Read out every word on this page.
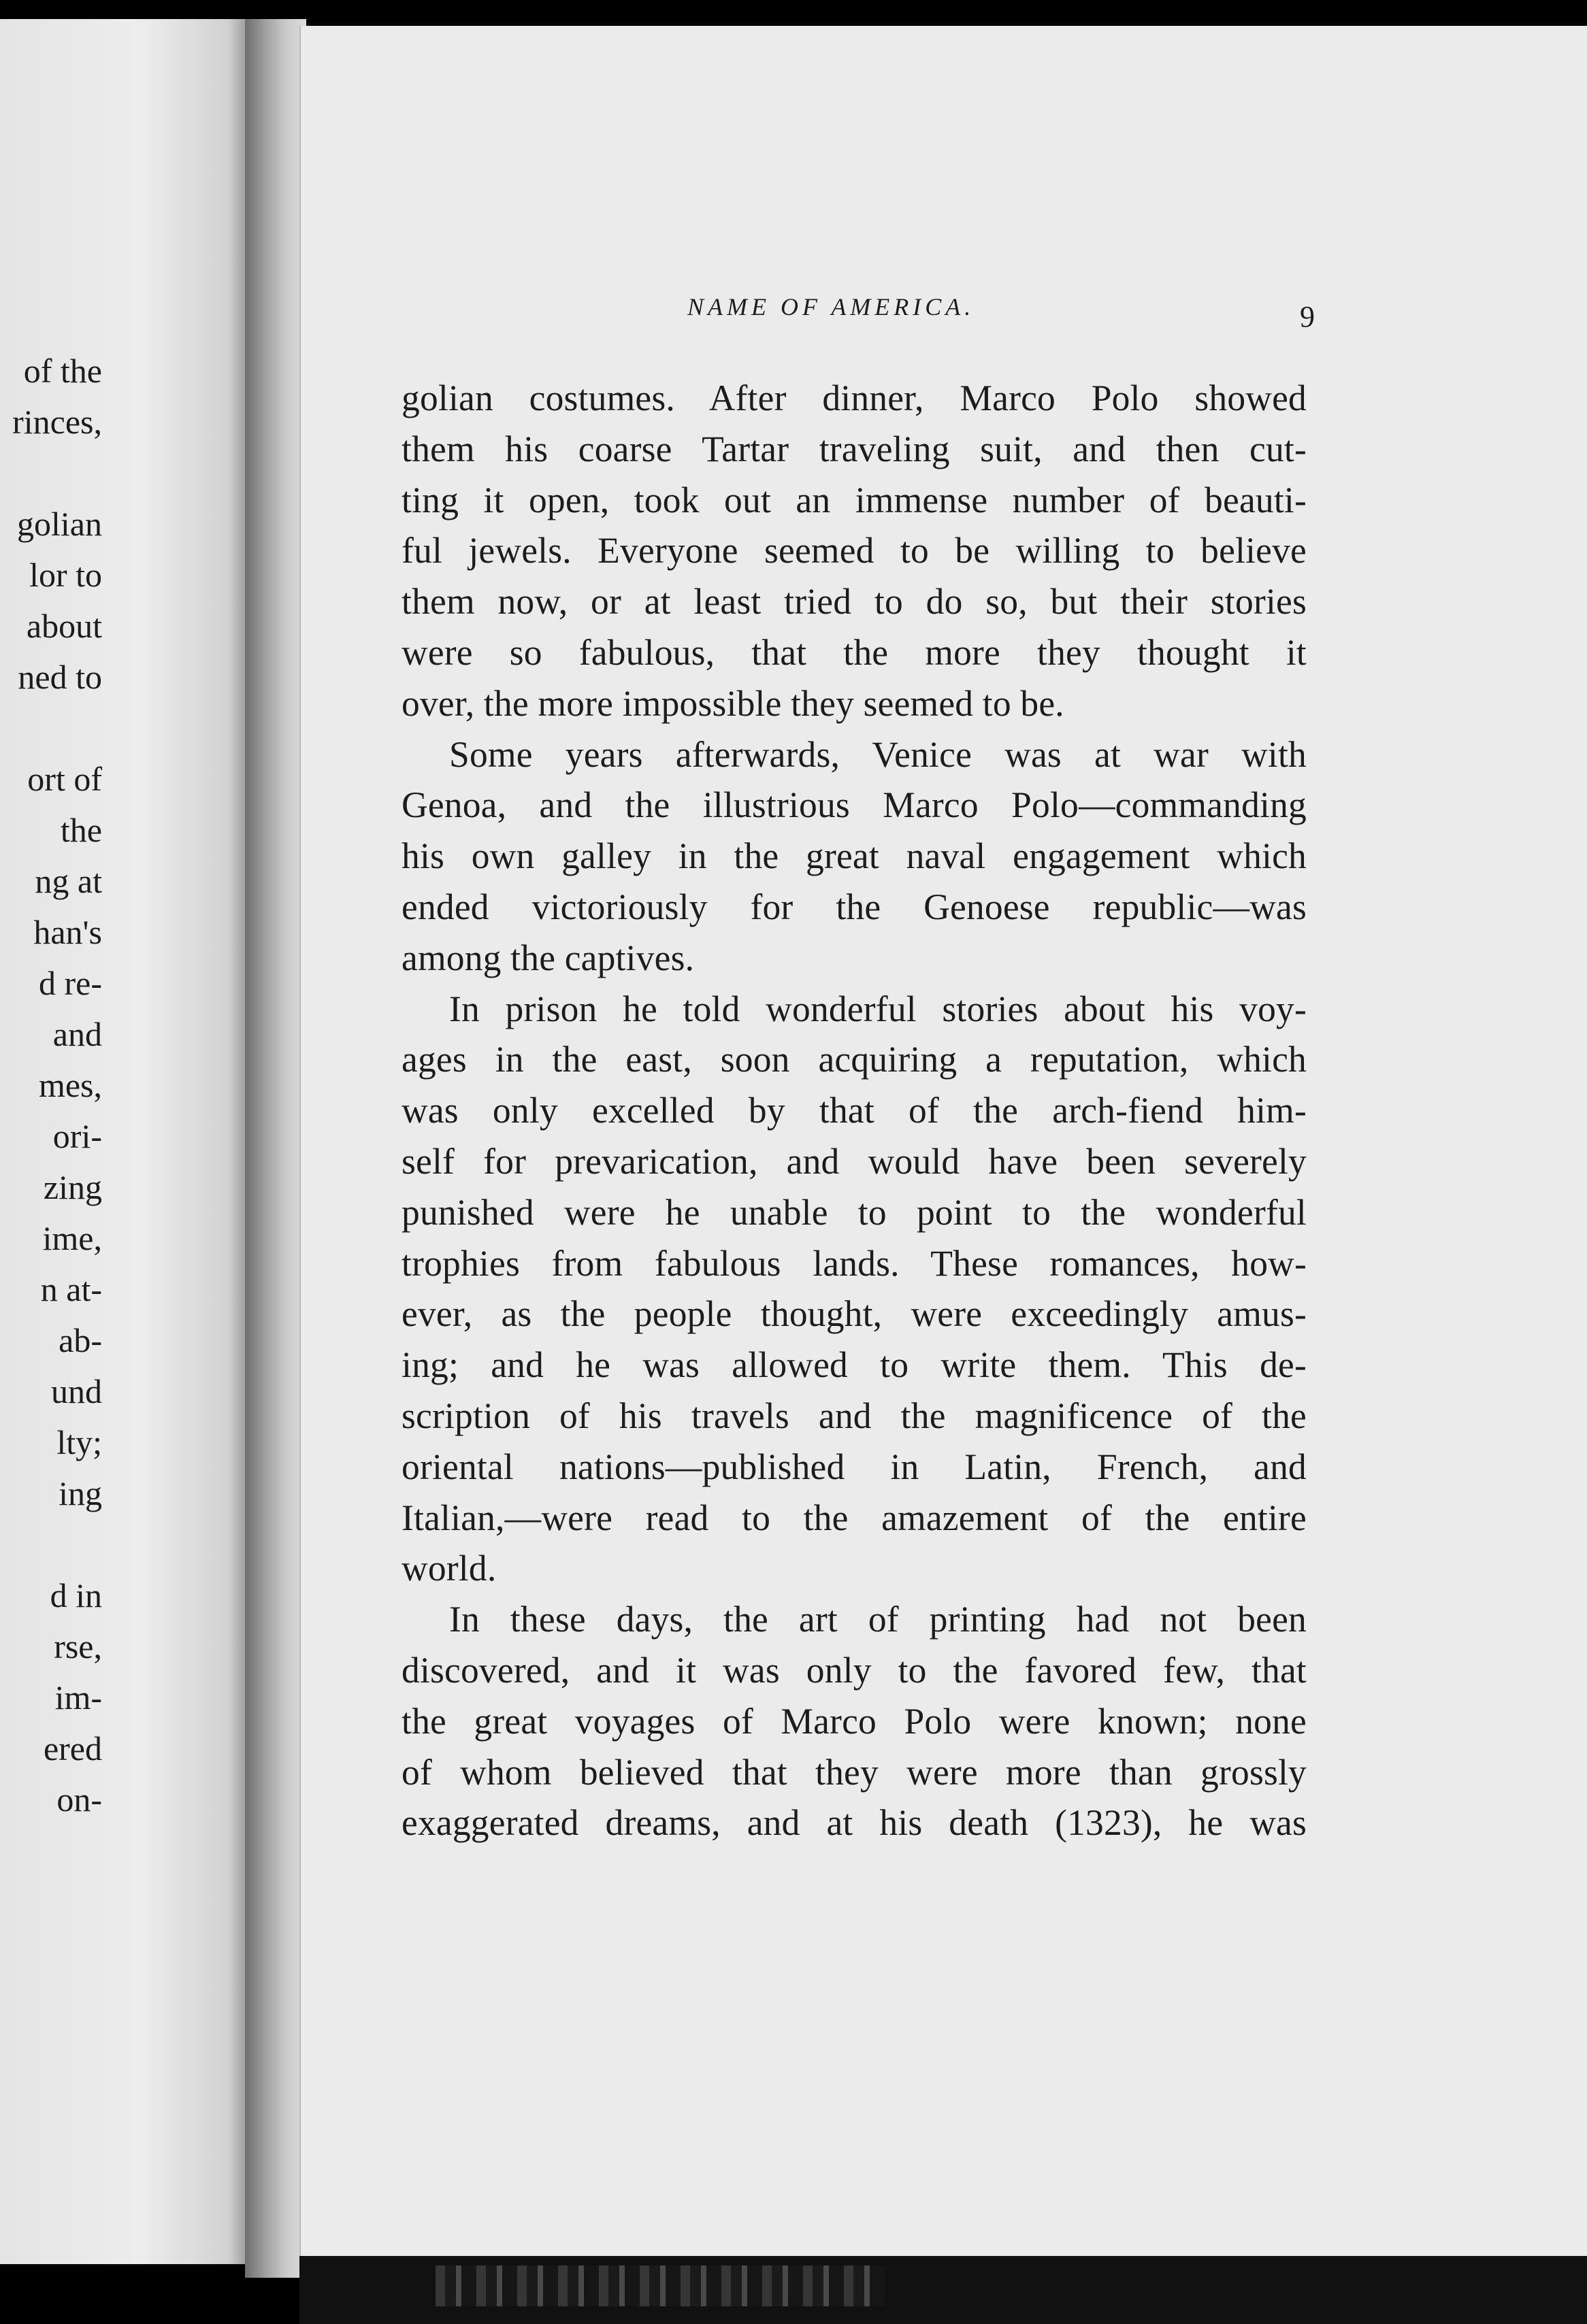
of the
rinces,
golian
lor to
about
ned to
ort of
the
ng at
han's
d re-
and
mes,
ori-
zing
ime,
n at-
ab-
und
lty;
ing
d in
rse,
im-
ered
on-
NAME OF AMERICA.	9
golian costumes. After dinner, Marco Polo showed
them his coarse Tartar traveling suit, and then cut-
ting it open, took out an immense number of beauti-
ful jewels. Everyone seemed to be willing to believe
them now, or at least tried to do so, but their stories
were so fabulous, that the more they thought it
over, the more impossible they seemed to be.
Some years afterwards, Venice was at war with
Genoa, and the illustrious Marco Polo—commanding
his own galley in the great naval engagement which
ended victoriously for the Genoese republic—was
among the captives.
In prison he told wonderful stories about his voy-
ages in the east, soon acquiring a reputation, which
was only excelled by that of the arch-fiend him-
self for prevarication, and would have been severely
punished were he unable to point to the wonderful
trophies from fabulous lands. These romances, how-
ever, as the people thought, were exceedingly amus-
ing; and he was allowed to write them. This de-
scription of his travels and the magnificence of the
oriental nations—published in Latin, French, and
Italian,—were read to the amazement of the entire
world.
In these days, the art of printing had not been
discovered, and it was only to the favored few, that
the great voyages of Marco Polo were known; none
of whom believed that they were more than grossly
exaggerated dreams, and at his death (1323), he was
